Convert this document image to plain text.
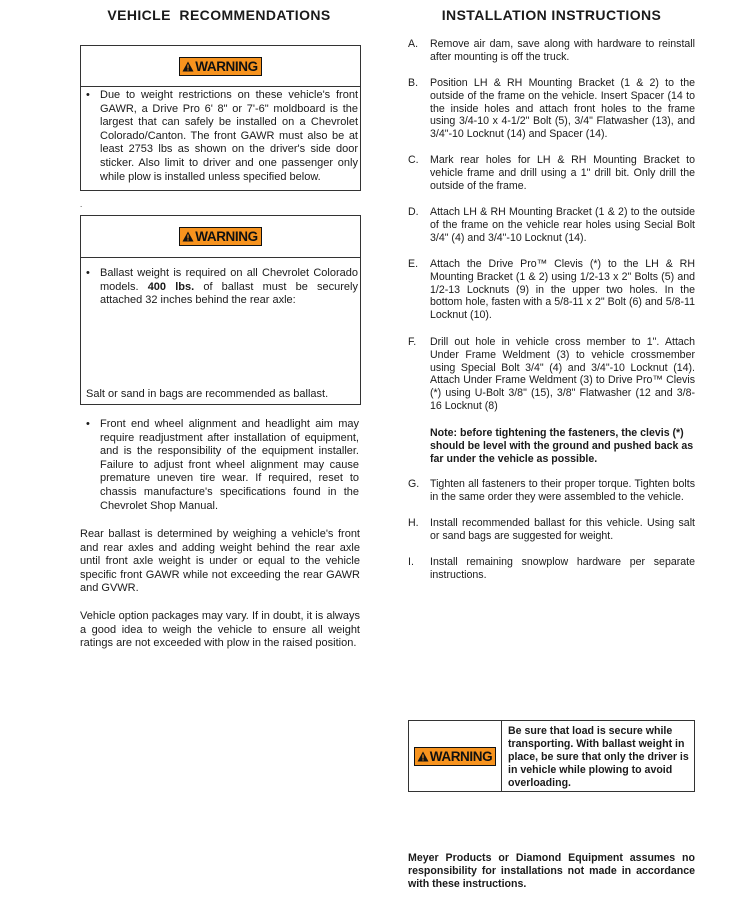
VEHICLE  RECOMMENDATIONS	INSTALLATION INSTRUCTIONS
WARNING
• Due to weight restrictions on these vehicle's front GAWR, a Drive Pro 6' 8" or 7'-6" moldboard is the largest that can safely be installed on a Chevrolet Colorado/Canton. The front GAWR must also be at least 2753 lbs as shown on the driver's side door sticker. Also limit to driver and one passenger only while plow is installed unless specified below.
.
WARNING
• Ballast weight is required on all Chevrolet Colorado models. 400 lbs. of ballast must be securely attached 32 inches behind the rear axle:
Salt or sand in bags are recommended as ballast.
• Front end wheel alignment and headlight aim may require readjustment after installation of equipment, and is the responsibility of the equipment installer. Failure to adjust front wheel alignment may cause premature uneven tire wear. If required, reset to chassis manufacture's specifications found in the Chevrolet Shop Manual.
Rear ballast is determined by weighing a vehicle's front and rear axles and adding weight behind the rear axle until front axle weight is under or equal to the vehicle specific front GAWR while not exceeding the rear GAWR and GVWR.
Vehicle option packages may vary. If in doubt, it is always a good idea to weigh the vehicle to ensure all weight ratings are not exceeded with plow in the raised position.
A. Remove air dam, save along with hardware to reinstall after mounting is off the truck.
B. Position LH & RH Mounting Bracket (1 & 2) to the outside of the frame on the vehicle. Insert Spacer (14 to the inside holes and attach front holes to the frame using 3/4-10 x 4-1/2" Bolt (5), 3/4" Flatwasher (13), and 3/4"-10 Locknut (14) and Spacer (14).
C. Mark rear holes for LH & RH Mounting Bracket to vehicle frame and drill using a 1" drill bit. Only drill the outside of the frame.
D. Attach LH & RH Mounting Bracket (1 & 2) to the outside of the frame on the vehicle rear holes using Secial Bolt 3/4" (4) and 3/4"-10 Locknut (14).
E. Attach the Drive Pro™ Clevis (*) to the LH & RH Mounting Bracket (1 & 2) using 1/2-13 x 2" Bolts (5) and 1/2-13 Locknuts (9) in the upper two holes. In the bottom hole, fasten with a 5/8-11 x 2" Bolt (6) and 5/8-11 Locknut (10).
F. Drill out hole in vehicle cross member to 1". Attach Under Frame Weldment (3) to vehicle crossmember using Special Bolt 3/4" (4) and 3/4"-10 Locknut (14). Attach Under Frame Weldment (3) to Drive Pro™ Clevis (*) using U-Bolt 3/8" (15), 3/8" Flatwasher (12 and 3/8-16 Locknut (8)
G. Tighten all fasteners to their proper torque. Tighten bolts in the same order they were assembled to the vehicle.
H. Install recommended ballast for this vehicle. Using salt or sand bags are suggested for weight.
I. Install remaining snowplow hardware per separate instructions.
Note: before tightening the fasteners, the clevis (*) should be level with the ground and pushed back as far under the vehicle as possible.
WARNING
Be sure that load is secure while transporting. With ballast weight in place, be sure that only the driver is in vehicle while plowing to avoid overloading.
Meyer Products or Diamond Equipment assumes no responsibility for installations not made in accordance with these instructions.
